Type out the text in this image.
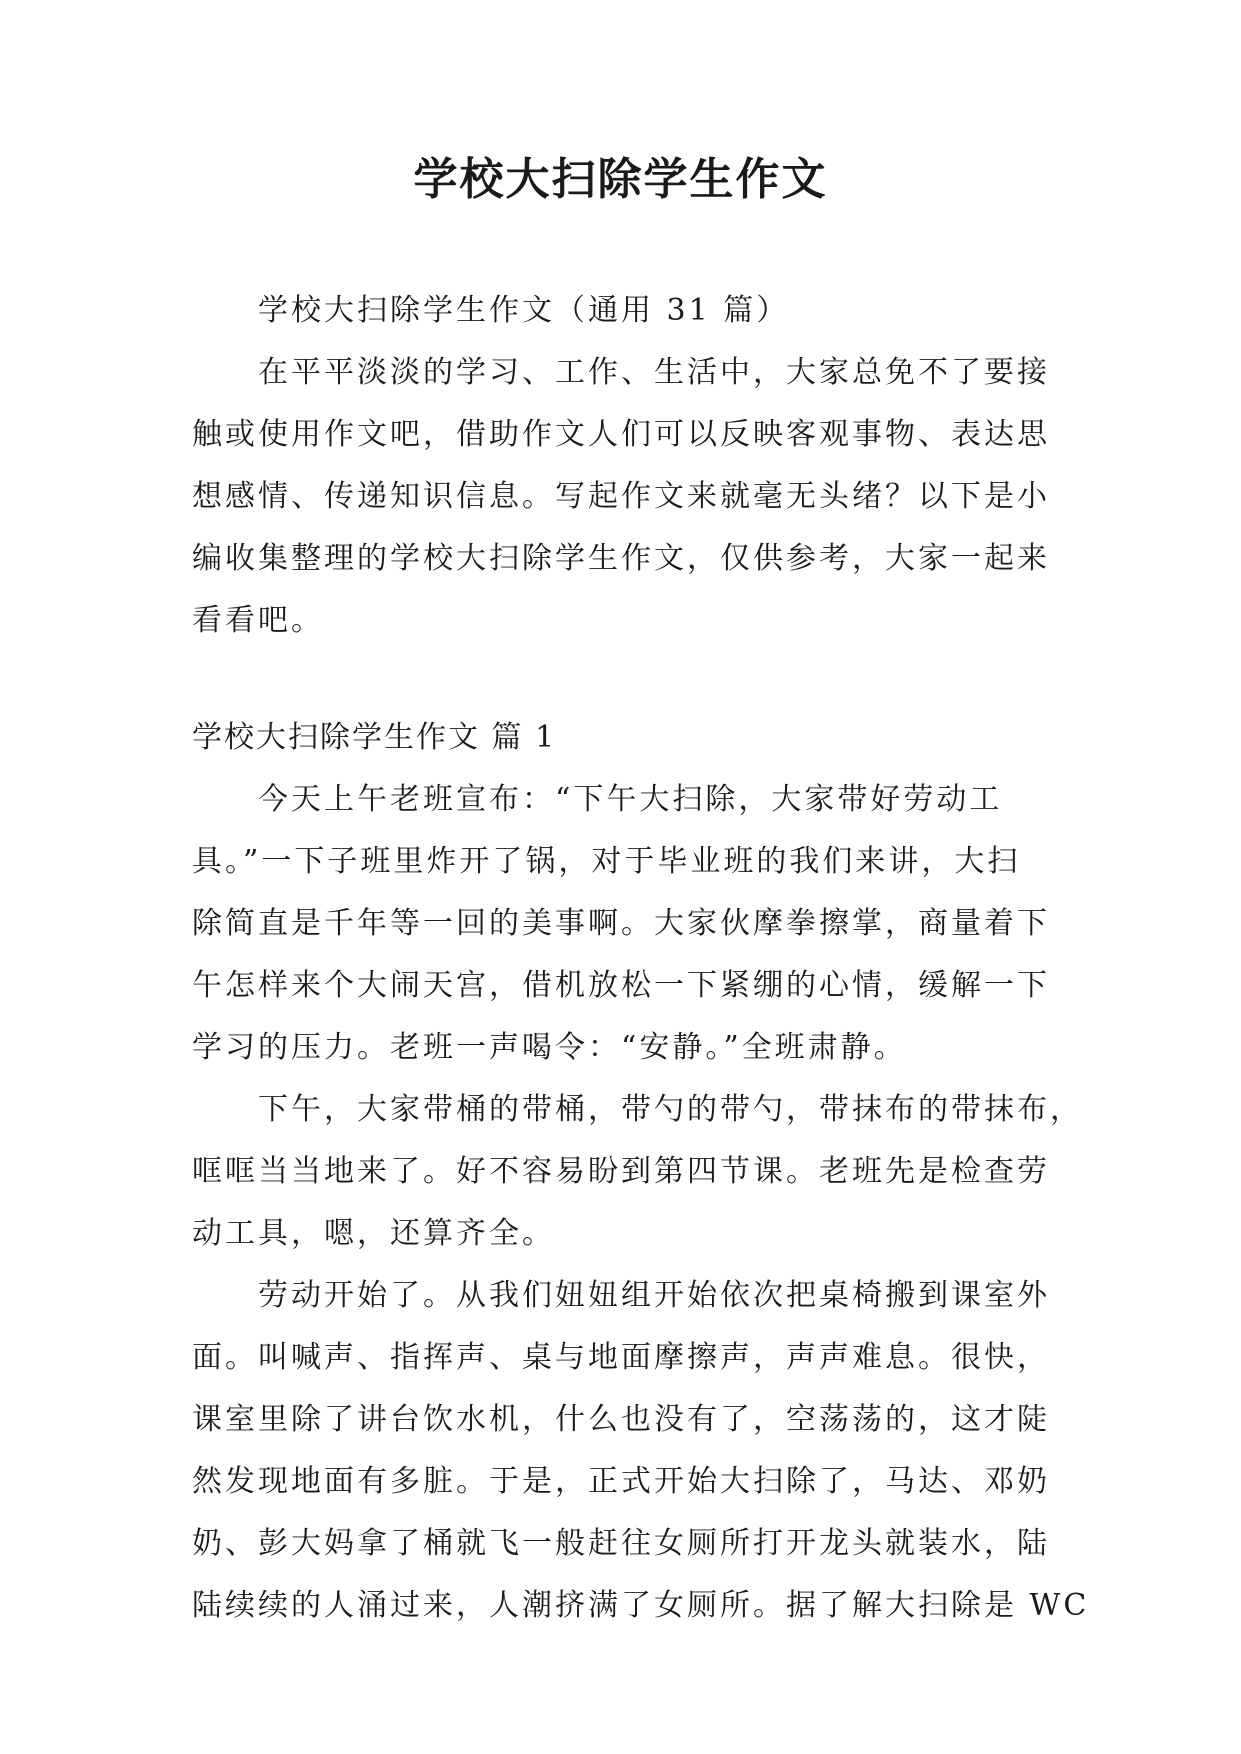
学校大扫除学生作文
学校大扫除学生作文（通用 31 篇）
在平平淡淡的学习、工作、生活中，大家总免不了要接
触或使用作文吧，借助作文人们可以反映客观事物、表达思
想感情、传递知识信息。写起作文来就毫无头绪？以下是小
编收集整理的学校大扫除学生作文，仅供参考，大家一起来
看看吧。
学校大扫除学生作文 篇 1
今天上午老班宣布：“下午大扫除，大家带好劳动工
具。”一下子班里炸开了锅，对于毕业班的我们来讲，大扫
除简直是千年等一回的美事啊。大家伙摩拳擦掌，商量着下
午怎样来个大闹天宫，借机放松一下紧绷的心情，缓解一下
学习的压力。老班一声喝令：“安静。”全班肃静。
下午，大家带桶的带桶，带勺的带勺，带抹布的带抹布，
哐哐当当地来了。好不容易盼到第四节课。老班先是检查劳
动工具，嗯，还算齐全。
劳动开始了。从我们妞妞组开始依次把桌椅搬到课室外
面。叫喊声、指挥声、桌与地面摩擦声，声声难息。很快，
课室里除了讲台饮水机，什么也没有了，空荡荡的，这才陡
然发现地面有多脏。于是，正式开始大扫除了，马达、邓奶
奶、彭大妈拿了桶就飞一般赶往女厕所打开龙头就装水，陆
陆续续的人涌过来，人潮挤满了女厕所。据了解大扫除是 WC
